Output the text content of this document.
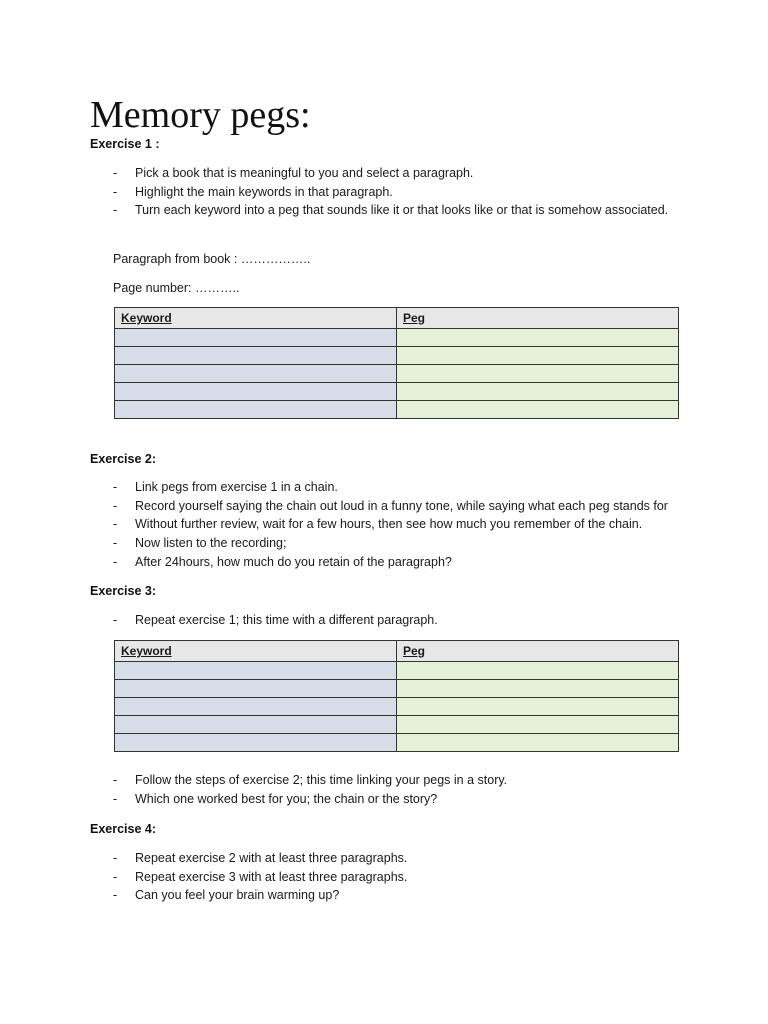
Memory pegs:

Exercise 1 :

- Pick a book that is meaningful to you and select a paragraph.
- Highlight the main keywords in that paragraph.
- Turn each keyword into a peg that sounds like it or that looks like or that is somehow associated.
Paragraph from book : ……………..
Page number: ………..
Keyword	Peg

Exercise 2:

- Link pegs from exercise 1 in a chain.
- Record yourself saying the chain out loud in a funny tone, while saying what each peg stands for
- Without further review, wait for a few hours, then see how much you remember of the chain.
- Now listen to the recording;
- After 24hours, how much do you retain of the paragraph?

Exercise 3:

- Repeat exercise 1; this time with a different paragraph.
Keyword	Peg

- Follow the steps of exercise 2; this time linking your pegs in a story.
- Which one worked best for you; the chain or the story?

Exercise 4:

- Repeat exercise 2 with at least three paragraphs.
- Repeat exercise 3 with at least three paragraphs.
- Can you feel your brain warming up?
